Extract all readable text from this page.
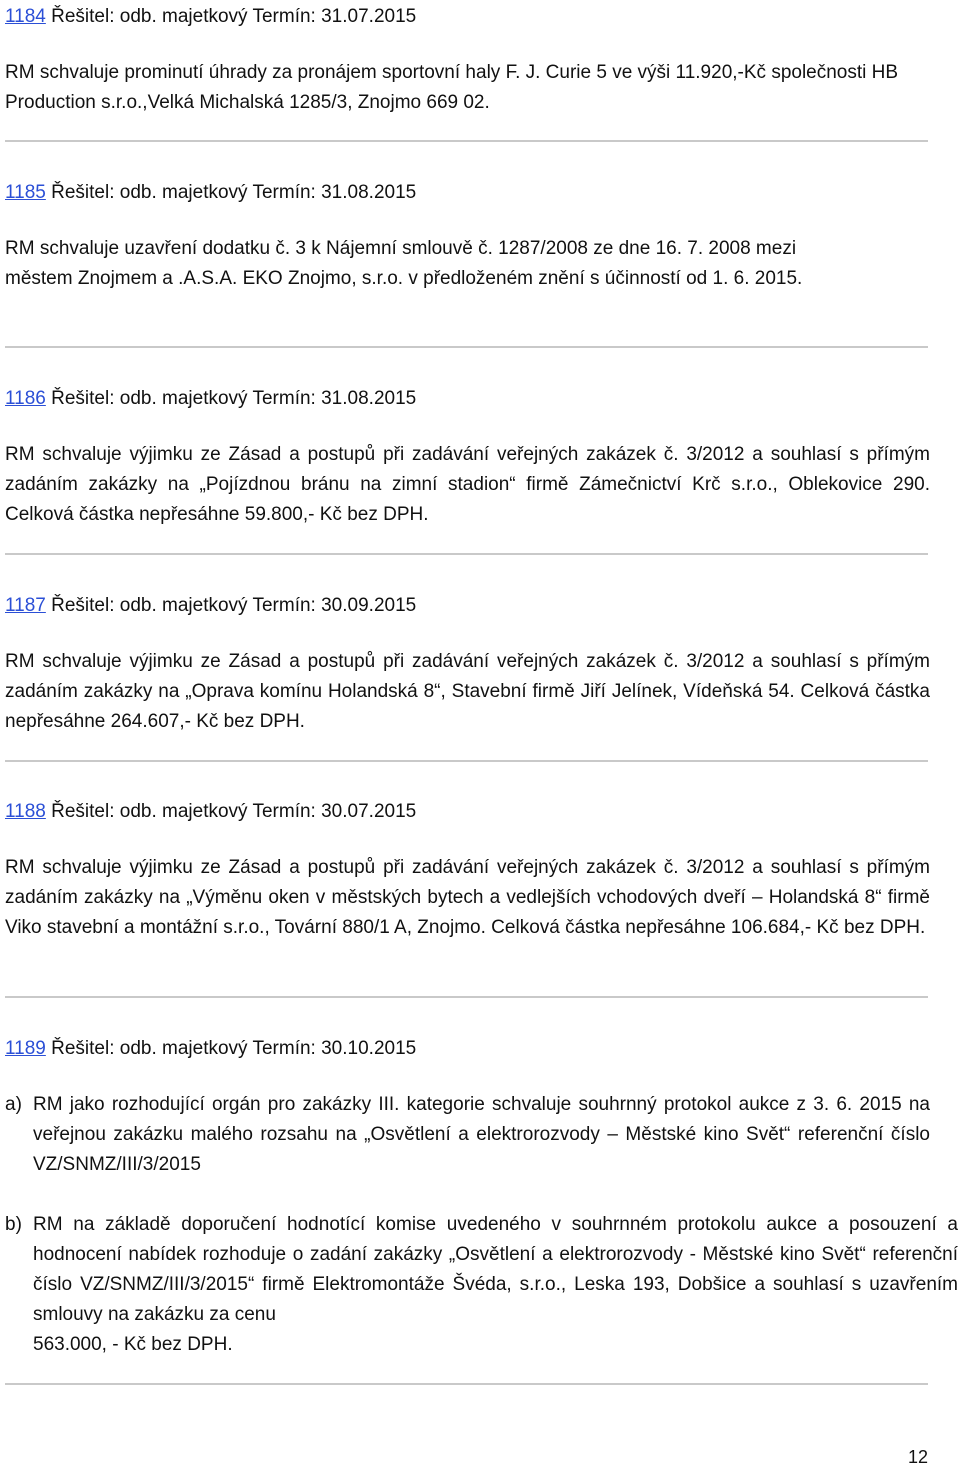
1184 Řešitel: odb. majetkový Termín: 31.07.2015
RM schvaluje prominutí úhrady za pronájem sportovní haly F. J. Curie 5 ve výši 11.920,-Kč společnosti HB Production s.r.o.,Velká Michalská 1285/3, Znojmo 669 02.
1185 Řešitel: odb. majetkový Termín: 31.08.2015
RM schvaluje uzavření dodatku č. 3 k Nájemní smlouvě č. 1287/2008 ze dne 16. 7. 2008 mezi městem Znojmem a .A.S.A. EKO Znojmo, s.r.o. v předloženém znění s účinností od 1. 6. 2015.
1186 Řešitel: odb. majetkový Termín: 31.08.2015
RM schvaluje výjimku ze Zásad a postupů při zadávání veřejných zakázek č. 3/2012 a souhlasí s přímým zadáním zakázky na „Pojízdnou bránu na zimní stadion“ firmě Zámečnictví Krč s.r.o., Oblekovice 290. Celková částka nepřesáhne 59.800,- Kč bez DPH.
1187 Řešitel: odb. majetkový Termín: 30.09.2015
RM schvaluje výjimku ze Zásad a postupů při zadávání veřejných zakázek č. 3/2012 a souhlasí s přímým zadáním zakázky na „Oprava komínu Holandská 8“, Stavební firmě Jiří Jelínek, Vídeňská 54. Celková částka nepřesáhne 264.607,- Kč bez DPH.
1188 Řešitel: odb. majetkový Termín: 30.07.2015
RM schvaluje výjimku ze Zásad a postupů při zadávání veřejných zakázek č. 3/2012 a souhlasí s přímým zadáním zakázky na „Výměnu oken v městských bytech a vedlejších vchodových dveří – Holandská 8“ firmě Viko stavební a montážní s.r.o., Tovární 880/1 A, Znojmo. Celková částka nepřesáhne 106.684,- Kč bez DPH.
1189 Řešitel: odb. majetkový Termín: 30.10.2015
a) RM jako rozhodující orgán pro zakázky III. kategorie schvaluje souhrnný protokol aukce z 3. 6. 2015 na veřejnou zakázku malého rozsahu na „Osvětlení a elektrorozvody – Městské kino Svět“ referenční číslo VZ/SNMZ/III/3/2015
b) RM na základě doporučení hodnotící komise uvedeného v souhrnném protokolu aukce a posouzení a hodnocení nabídek rozhoduje o zadání zakázky „Osvětlení a elektrorozvody - Městské kino Svět“ referenční číslo VZ/SNMZ/III/3/2015“ firmě Elektromontáže Švéda, s.r.o., Leska 193, Dobšice a souhlasí s uzavřením smlouvy na zakázku za cenu
563.000, - Kč bez DPH.
12
